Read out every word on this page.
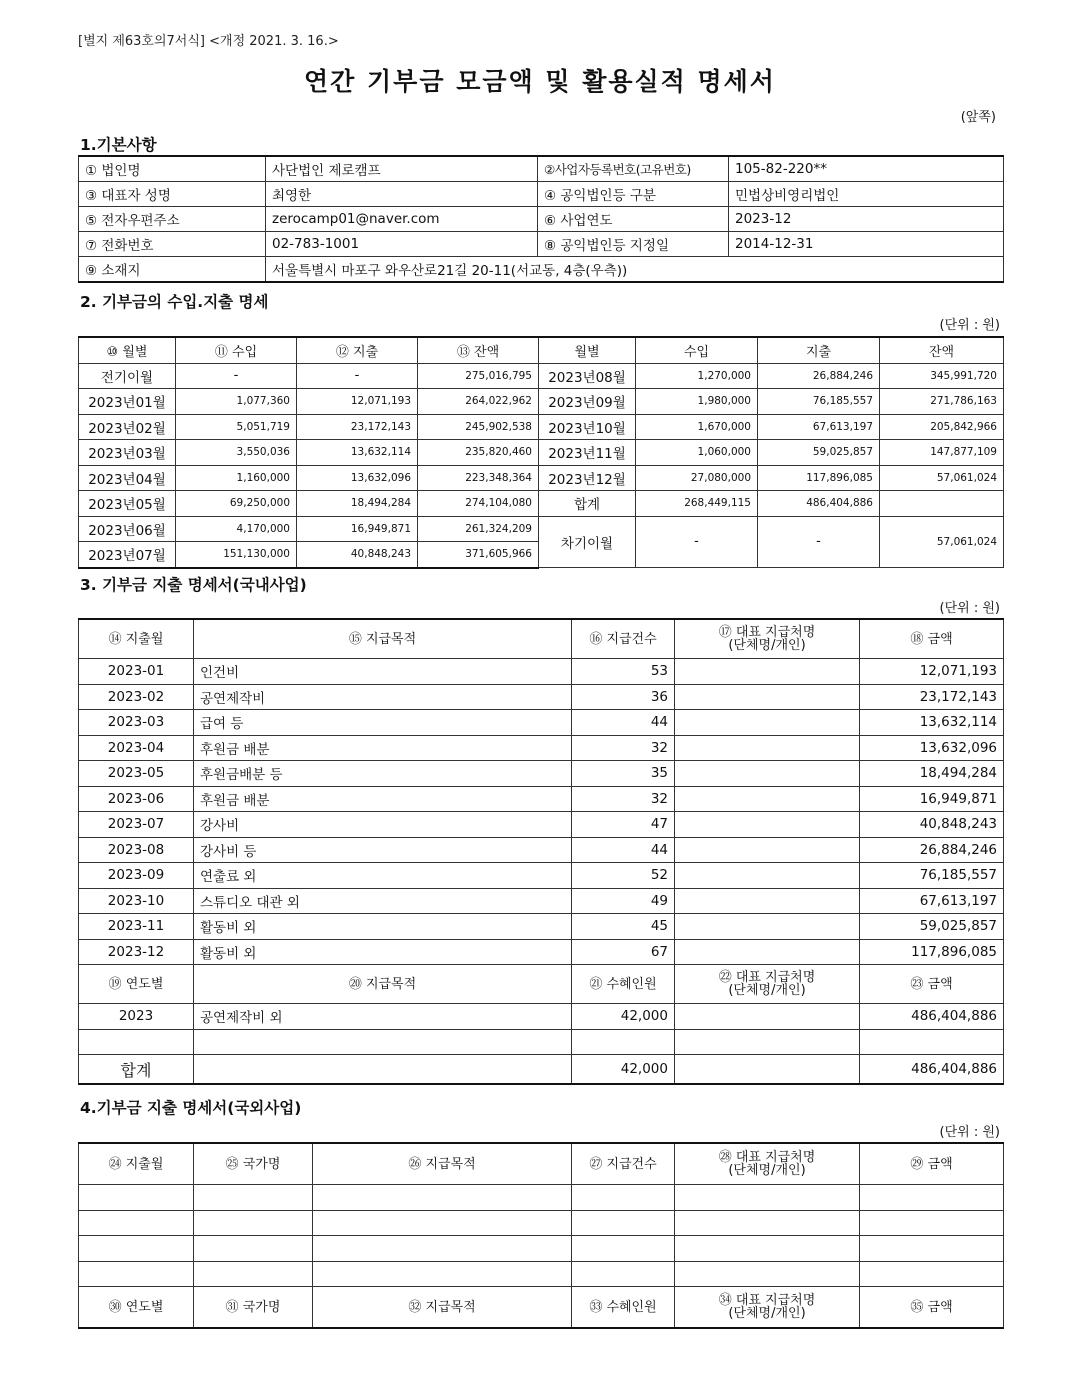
[별지 제63호의7서식] <개정 2021. 3. 16.>
연간 기부금 모금액 및 활용실적 명세서
(앞쪽)
1.기본사항
① 법인명	사단법인 제로캠프	②사업자등록번호(고유번호)	105-82-220**
③ 대표자 성명	최영한	④ 공익법인등 구분	민법상비영리법인
⑤ 전자우편주소	zerocamp01@naver.com	⑥ 사업연도	2023-12
⑦ 전화번호	02-783-1001	⑧ 공익법인등 지정일	2014-12-31
⑨ 소재지	서울특별시 마포구 와우산로21길 20-11(서교동, 4층(우측))		
2. 기부금의 수입.지출 명세
(단위 : 원)
⑩ 월별	⑪ 수입	⑫ 지출	⑬ 잔액	월별	수입	지출	잔액
전기이월	-	-	275,016,795	2023년08월	1,270,000	26,884,246	345,991,720
2023년01월	1,077,360	12,071,193	264,022,962	2023년09월	1,980,000	76,185,557	271,786,163
2023년02월	5,051,719	23,172,143	245,902,538	2023년10월	1,670,000	67,613,197	205,842,966
2023년03월	3,550,036	13,632,114	235,820,460	2023년11월	1,060,000	59,025,857	147,877,109
2023년04월	1,160,000	13,632,096	223,348,364	2023년12월	27,080,000	117,896,085	57,061,024
2023년05월	69,250,000	18,494,284	274,104,080	합계	268,449,115	486,404,886	
2023년06월	4,170,000	16,949,871	261,324,209	차기이월	-	-	57,061,024
2023년07월	151,130,000	40,848,243	371,605,966				
3. 기부금 지출 명세서(국내사업)
(단위 : 원)
⑭ 지출월	⑮ 지급목적	⑯ 지급건수	⑰ 대표 지급처명
(단체명/개인)	⑱ 금액
2023-01	인건비	53		12,071,193
2023-02	공연제작비	36		23,172,143
2023-03	급여 등	44		13,632,114
2023-04	후원금 배분	32		13,632,096
2023-05	후원금배분 등	35		18,494,284
2023-06	후원금 배분	32		16,949,871
2023-07	강사비	47		40,848,243
2023-08	강사비 등	44		26,884,246
2023-09	연출료 외	52		76,185,557
2023-10	스튜디오 대관 외	49		67,613,197
2023-11	활동비 외	45		59,025,857
2023-12	활동비 외	67		117,896,085
⑲ 연도별	⑳ 지급목적	㉑ 수혜인원	㉒ 대표 지급처명
(단체명/개인)	㉓ 금액
2023	공연제작비 외	42,000		486,404,886

합계		42,000		486,404,886
4.기부금 지출 명세서(국외사업)
(단위 : 원)
㉔ 지출월	㉕ 국가명	㉖ 지급목적	㉗ 지급건수	㉘ 대표 지급처명
(단체명/개인)	㉙ 금액

㉚ 연도별	㉛ 국가명	㉜ 지급목적	㉝ 수혜인원	㉞ 대표 지급처명
(단체명/개인)	㉟ 금액
